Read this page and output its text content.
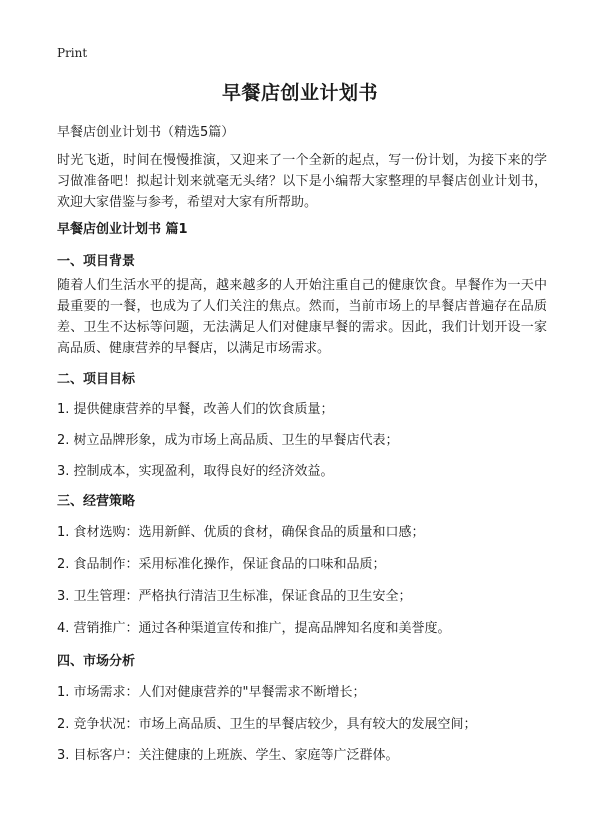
Print
早餐店创业计划书
早餐店创业计划书（精选5篇）
时光飞逝，时间在慢慢推演，又迎来了一个全新的起点，写一份计划，为接下来的学习做准备吧！拟起计划来就毫无头绪？以下是小编帮大家整理的早餐店创业计划书，欢迎大家借鉴与参考，希望对大家有所帮助。
早餐店创业计划书 篇1
一、项目背景
随着人们生活水平的提高，越来越多的人开始注重自己的健康饮食。早餐作为一天中最重要的一餐，也成为了人们关注的焦点。然而，当前市场上的早餐店普遍存在品质差、卫生不达标等问题，无法满足人们对健康早餐的需求。因此，我们计划开设一家高品质、健康营养的早餐店，以满足市场需求。
二、项目目标
1. 提供健康营养的早餐，改善人们的饮食质量；
2. 树立品牌形象，成为市场上高品质、卫生的早餐店代表；
3. 控制成本，实现盈利，取得良好的经济效益。
三、经营策略
1. 食材选购：选用新鲜、优质的食材，确保食品的质量和口感；
2. 食品制作：采用标准化操作，保证食品的口味和品质；
3. 卫生管理：严格执行清洁卫生标准，保证食品的卫生安全；
4. 营销推广：通过各种渠道宣传和推广，提高品牌知名度和美誉度。
四、市场分析
1. 市场需求：人们对健康营养的"早餐需求不断增长；
2. 竞争状况：市场上高品质、卫生的早餐店较少，具有较大的发展空间；
3. 目标客户：关注健康的上班族、学生、家庭等广泛群体。
